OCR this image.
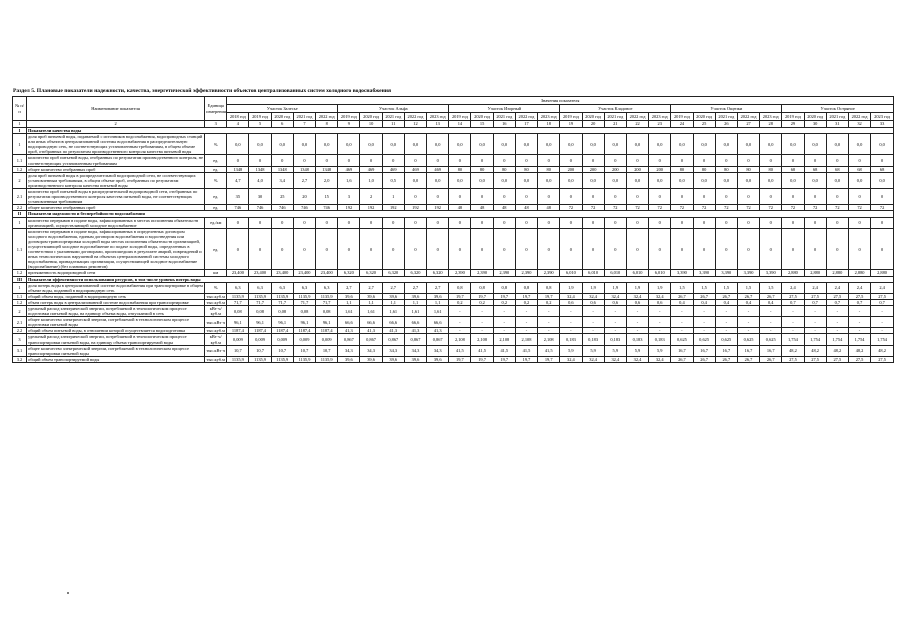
Раздел 5. Плановые показатели надежности, качества, энергетической эффективности объектов централизованных систем холодного водоснабжения
№ п/п	Наименование показателя	Единица измерения	Значения показателя																													
			Участок Залесье					Участок Альфа					Участок Изорный					Участок Кладовое					Участок Ощепки					Участок Остряное				
			2018 год	2019 год	2020 год	2021 год	2022 год	2019 год	2020 год	2021 год	2022 год	2023 год	2019 год	2020 год	2021 год	2022 год	2023 год	2019 год	2020 год	2021 год	2022 год	2023 год	2019 год	2020 год	2021 год	2022 год	2023 год	2019 год	2020 год	2021 год	2022 год	2023 год
1	2	3	4	5	6	7	8	9	10	11	12	13	14	15	16	17	18	19	20	21	22	23	24	25	26	27	28	29	30	31	32	33
I	Показатели качества воды																															
1	доля проб питьевой воды, подаваемой с источников водоснабжения, водопроводных станций или иных объектов централизованной системы водоснабжения в распределительную водопроводную сеть, не соответствующих установленным требованиям, в общем объеме проб, отобранных по результатам производственного контроля качества питьевой воды	%	0,0	0,0	0,0	0,0	0,0	0,0	0,0	0,0	0,0	0,0	0,0	0,0	0,0	0,0	0,0	0,0	0,0	0,0	0,0	0,0	0,0	0,0	0,0	0,0	0,0	0,0	0,0	0,0	0,0	0,0
1.1	количество проб питьевой воды, отобранных по результатам производственного контроля, не соответствующих установленным требованиям	ед.	0	0	0	0	0	0	0	0	0	0	0	0	0	0	0	0	0	0	0	0	0	0	0	0	0	0	0	0	0	0
1.2	общее количество отобранных проб	ед.	1348	1348	1348	1348	1348	469	469	469	469	469	80	80	80	80	80	200	200	200	200	200	80	80	80	80	80	68	68	68	68	68
2	доля проб питьевой воды в распределительной водопроводной сети, не соответствующих установленным требованиям, в общем объеме проб, отобранных по результатам производственного контроля качества питьевой воды	%	4,7	4,0	3,4	2,7	2,0	1,6	1,0	0,5	0,0	0,0	0,0	0,0	0,0	0,0	0,0	0,0	0,0	0,0	0,0	0,0	0,0	0,0	0,0	0,0	0,0	0,0	0,0	0,0	0,0	0,0
2.1	количество проб питьевой воды в распределительной водопроводной сети, отобранных по результатам производственного контроля качества питьевой воды, не соответствующих установленным требованиям	ед.	35	30	25	20	15	3	2	1	0	0	0	0	0	0	0	0	0	0	0	0	0	0	0	0	0	0	0	0	0	0
2.2	общее количество отобранных проб	ед.	746	746	746	746	746	192	192	192	192	192	48	48	48	48	48	72	72	72	72	72	72	72	72	72	72	72	72	72	72	72
II	Показатели надежности и бесперебойности водоснабжения																															
1	количество перерывов в подаче воды, зафиксированных в местах исполнения обязательств организацией, осуществляющей холодное водоснабжение	ед./км	0	0	0	0	0	0	0	0	0	0	0	0	0	0	0	0	0	0	0	0	0	0	0	0	0	0	0	0	0	0
1.1	количество перерывов в подаче воды, зафиксированных в определенных договором холодного водоснабжения, единым договором водоснабжения и водоотведения или договором транспортировки холодной воды местах исполнения обязательств организацией, осуществляющей холодное водоснабжение по подаче холодной воды, определенных в соответствии с указанными договорами, произошедших в результате аварий, повреждений и иных технологических нарушений на объектах централизованной системы холодного водоснабжения, принадлежащих организации, осуществляющей холодное водоснабжение (водоснабжение) (без плановых ремонтов)	ед.	0	0	0	0	0	0	0	0	0	0	0	0	0	0	0	0	0	0	0	0	0	0	0	0	0	0	0	0	0	0
1.2	протяженность водопроводной сети	км	23,400	23,400	23,400	23,400	23,400	6,320	6,320	6,320	6,320	6,320	2,390	2,390	2,390	2,390	2,390	6,010	6,010	6,010	6,010	6,010	3,390	3,390	3,390	3,390	3,390	2,880	2,880	2,880	2,880	2,880
III	Показатели эффективности использования ресурсов, в том числе уровень потерь воды																															
1	доля потерь воды в централизованной системе водоснабжения при транспортировке в общем объеме воды, поданной в водопроводную сеть	%	6,3	6,3	6,3	6,3	6,3	2,7	2,7	2,7	2,7	2,7	0,8	0,8	0,8	0,8	0,8	1,9	1,9	1,9	1,9	1,9	1,5	1,5	1,5	1,5	1,5	2,4	2,4	2,4	2,4	2,4
1.1	общий объем воды, поданной в водопроводную сеть	тыс.куб.м	1135,9	1135,9	1135,9	1135,9	1135,9	39,6	39,6	39,6	39,6	39,6	19,7	19,7	19,7	19,7	19,7	32,4	32,4	32,4	32,4	32,4	26,7	26,7	26,7	26,7	26,7	27,5	27,5	27,5	27,5	27,5
1.2	объем потерь воды в централизованной системе водоснабжения при транспортировке	тыс.куб.м	71,7	71,7	71,7	71,7	71,7	1,1	1,1	1,1	1,1	1,1	0,2	0,2	0,2	0,2	0,2	0,6	0,6	0,6	0,6	0,6	0,4	0,4	0,4	0,4	0,4	0,7	0,7	0,7	0,7	0,7
2	удельный расход электрической энергии, потребляемой в технологическом процессе подготовки питьевой воды, на единицу объема воды, отпускаемой в сеть	кВт·ч/куб.м	0,08	0,08	0,08	0,08	0,08	1,61	1,61	1,61	1,61	1,61	-	-	-	-	-	-	-	-	-	-	-	-	-	-	-	-	-	-	-	-
2.1	общее количество электрической энергии, потребляемой в технологическом процессе подготовки питьевой воды	тыс.кВт·ч	96,1	96,1	96,1	96,1	96,1	66,6	66,6	66,6	66,6	66,6	-	-	-	-	-	-	-	-	-	-	-	-	-	-	-	-	-	-	-	-
2.2	общий объем питьевой воды, в отношении которой осуществляется водоподготовка	тыс.куб.м	1187,4	1187,4	1187,4	1187,4	1187,4	41,3	41,3	41,3	41,3	41,3	-	-	-	-	-	-	-	-	-	-	-	-	-	-	-	-	-	-	-	-
3	удельный расход электрической энергии, потребляемой в технологическом процессе транспортировки питьевой воды, на единицу объема транспортируемой воды	кВт·ч/куб.м	0,009	0,009	0,009	0,009	0,009	0,867	0,867	0,867	0,867	0,867	2,108	2,108	2,108	2,108	2,108	0,183	0,183	0,183	0,183	0,183	0,625	0,625	0,625	0,625	0,625	1,754	1,754	1,754	1,754	1,754
3.1	общее количество электрической энергии, потребляемой в технологическом процессе транспортировки питьевой воды	тыс.кВт·ч	10,7	10,7	10,7	10,7	10,7	34,3	34,3	34,3	34,3	34,3	41,5	41,5	41,5	41,5	41,5	5,9	5,9	5,9	5,9	5,9	16,7	16,7	16,7	16,7	16,7	48,2	48,2	48,2	48,2	48,2
3.2	общий объем транспортируемой воды	тыс.куб.м	1135,9	1135,9	1135,9	1135,9	1135,9	39,6	39,6	39,6	39,6	39,6	19,7	19,7	19,7	19,7	19,7	32,4	32,4	32,4	32,4	32,4	26,7	26,7	26,7	26,7	26,7	27,5	27,5	27,5	27,5	27,5
